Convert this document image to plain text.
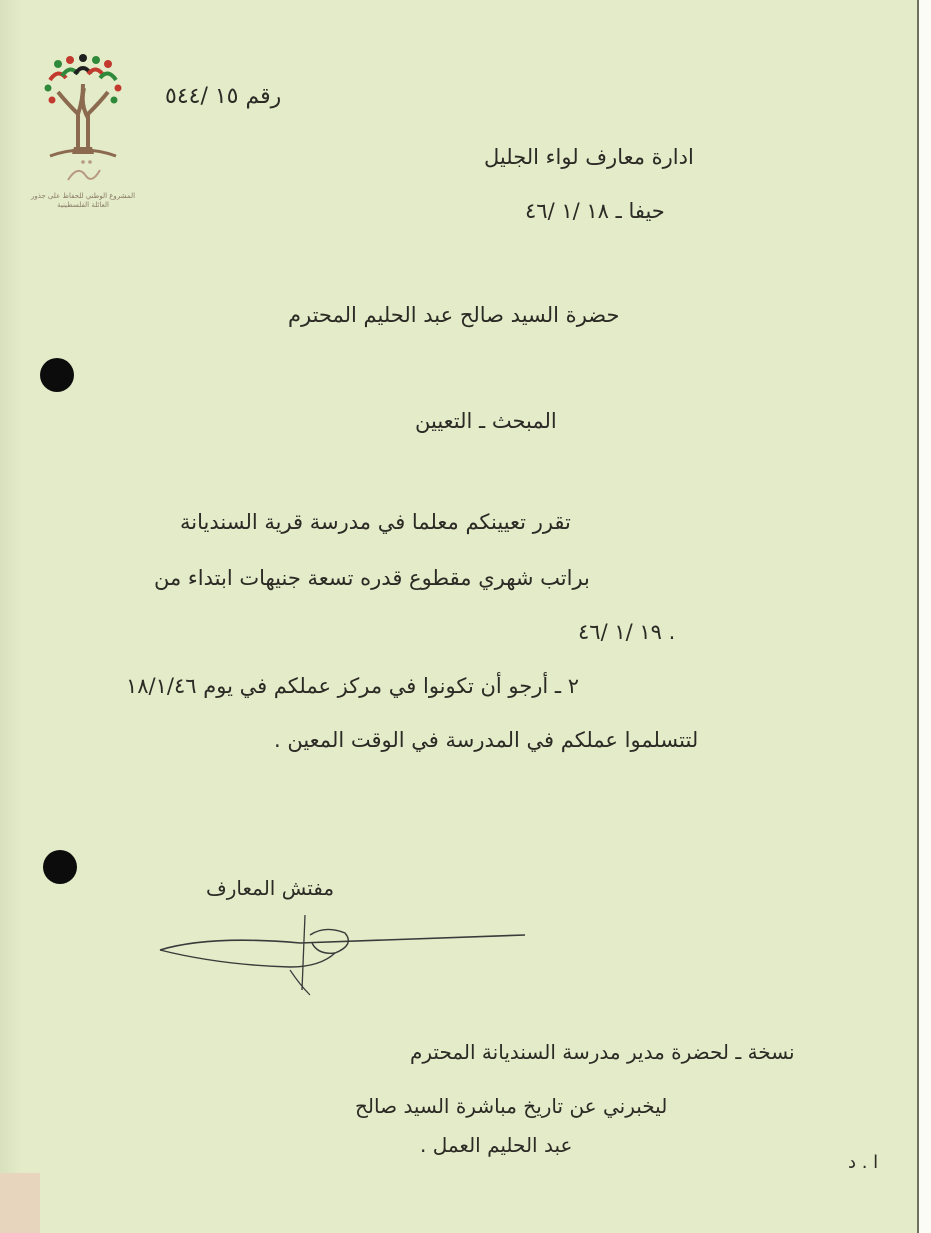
المشروع الوطني للحفاظ على جذور العائلة الفلسطينية
رقم ١٥ /٥٤٤
ادارة معارف لواء الجليل
حيفا ـ ١٨ /١ /٤٦
حضرة السيد صالح عبد الحليم المحترم
المبحث ـ التعيين
تقرر تعيينكم معلما في مدرسة قرية السنديانة
براتب شهري مقطوع قدره تسعة جنيهات ابتداء من
١٩ /١ /٤٦ .
٢ ـ أرجو أن تكونوا في مركز عملكم في يوم ١٨/١/٤٦
لتتسلموا عملكم في المدرسة في الوقت المعين .
مفتش المعارف
نسخة ـ لحضرة مدير مدرسة السنديانة المحترم
ليخبرني عن تاريخ مباشرة السيد صالح
عبد الحليم العمل .
ا . د
